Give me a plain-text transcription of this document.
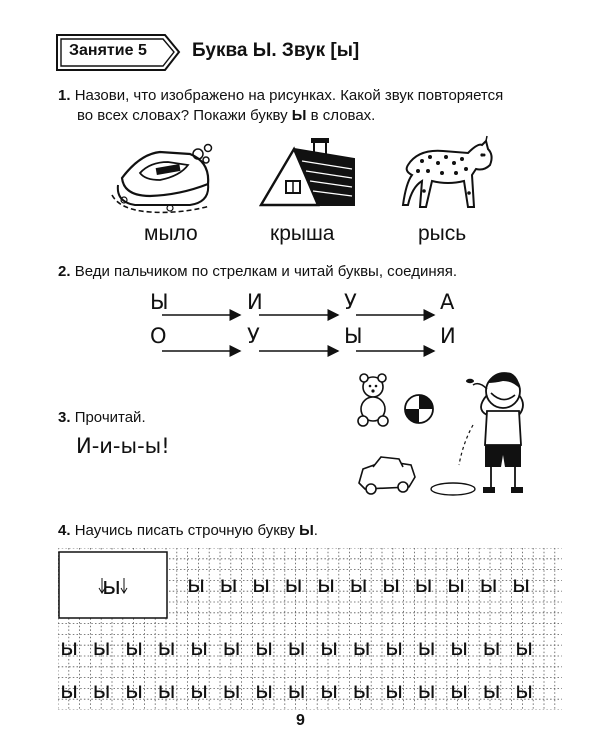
Занятие 5 Буква Ы. Звук [ы]
1. Назови, что изображено на рисунках. Какой звук повторяется
во всех словах? Покажи букву Ы в словах.
мыло	крыша	рысь
2. Веди пальчиком по стрелкам и читай буквы, соединяя.
Ы	И	У	А
О	У	Ы	И
3. Прочитай.
И-и-ы-ы!
4. Научись писать строчную букву Ы.
ы	ы ы ы ы ы ы ы ы ы ы ы
ы ы ы ы ы ы ы ы ы ы ы ы ы ы ы
ы ы ы ы ы ы ы ы ы ы ы ы ы ы ы
9
